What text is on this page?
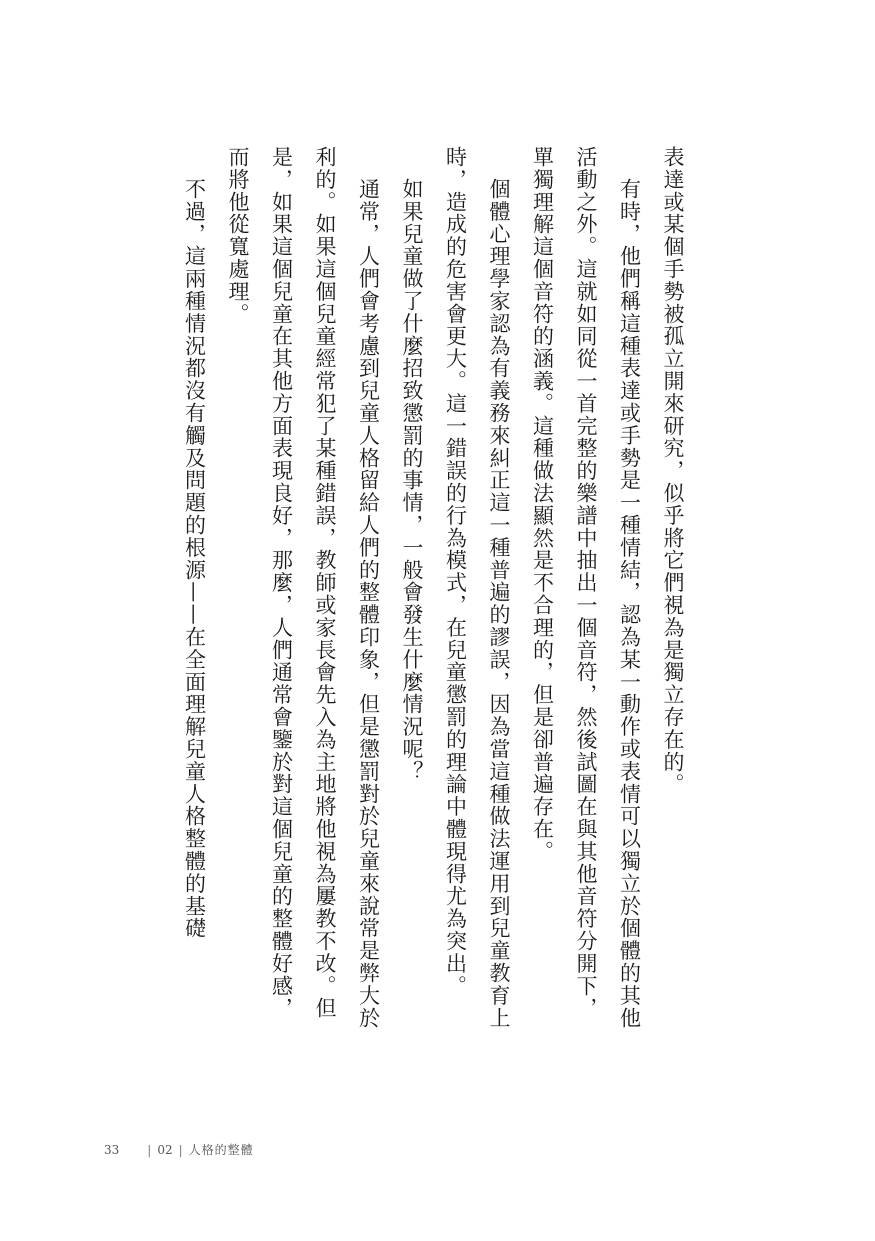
表達或某個手勢被孤立開來研究，似乎將它們視為是獨立存在的。

有時，他們稱這種表達或手勢是一種情結，認為某一動作或表情可以獨立於個體的其他活動之外。這就如同從一首完整的樂譜中抽出一個音符，然後試圖在與其他音符分開下，單獨理解這個音符的涵義。這種做法顯然是不合理的，但是卻普遍存在。

個體心理學家認為有義務來糾正這一種普遍的謬誤，因為當這種做法運用到兒童教育上時，造成的危害會更大。這一錯誤的行為模式，在兒童懲罰的理論中體現得尤為突出。

如果兒童做了什麼招致懲罰的事情，一般會發生什麼情況呢？

通常，人們會考慮到兒童人格留給人們的整體印象，但是懲罰對於兒童來說常是弊大於利的。如果這個兒童經常犯了某種錯誤，教師或家長會先入為主地將他視為屢教不改。但是，如果這個兒童在其他方面表現良好，那麼，人們通常會鑒於對這個兒童的整體好感，而將他從寬處理。

不過，這兩種情況都沒有觸及問題的根源——在全面理解兒童人格整體的基礎

33 | 02 | 人格的整體
